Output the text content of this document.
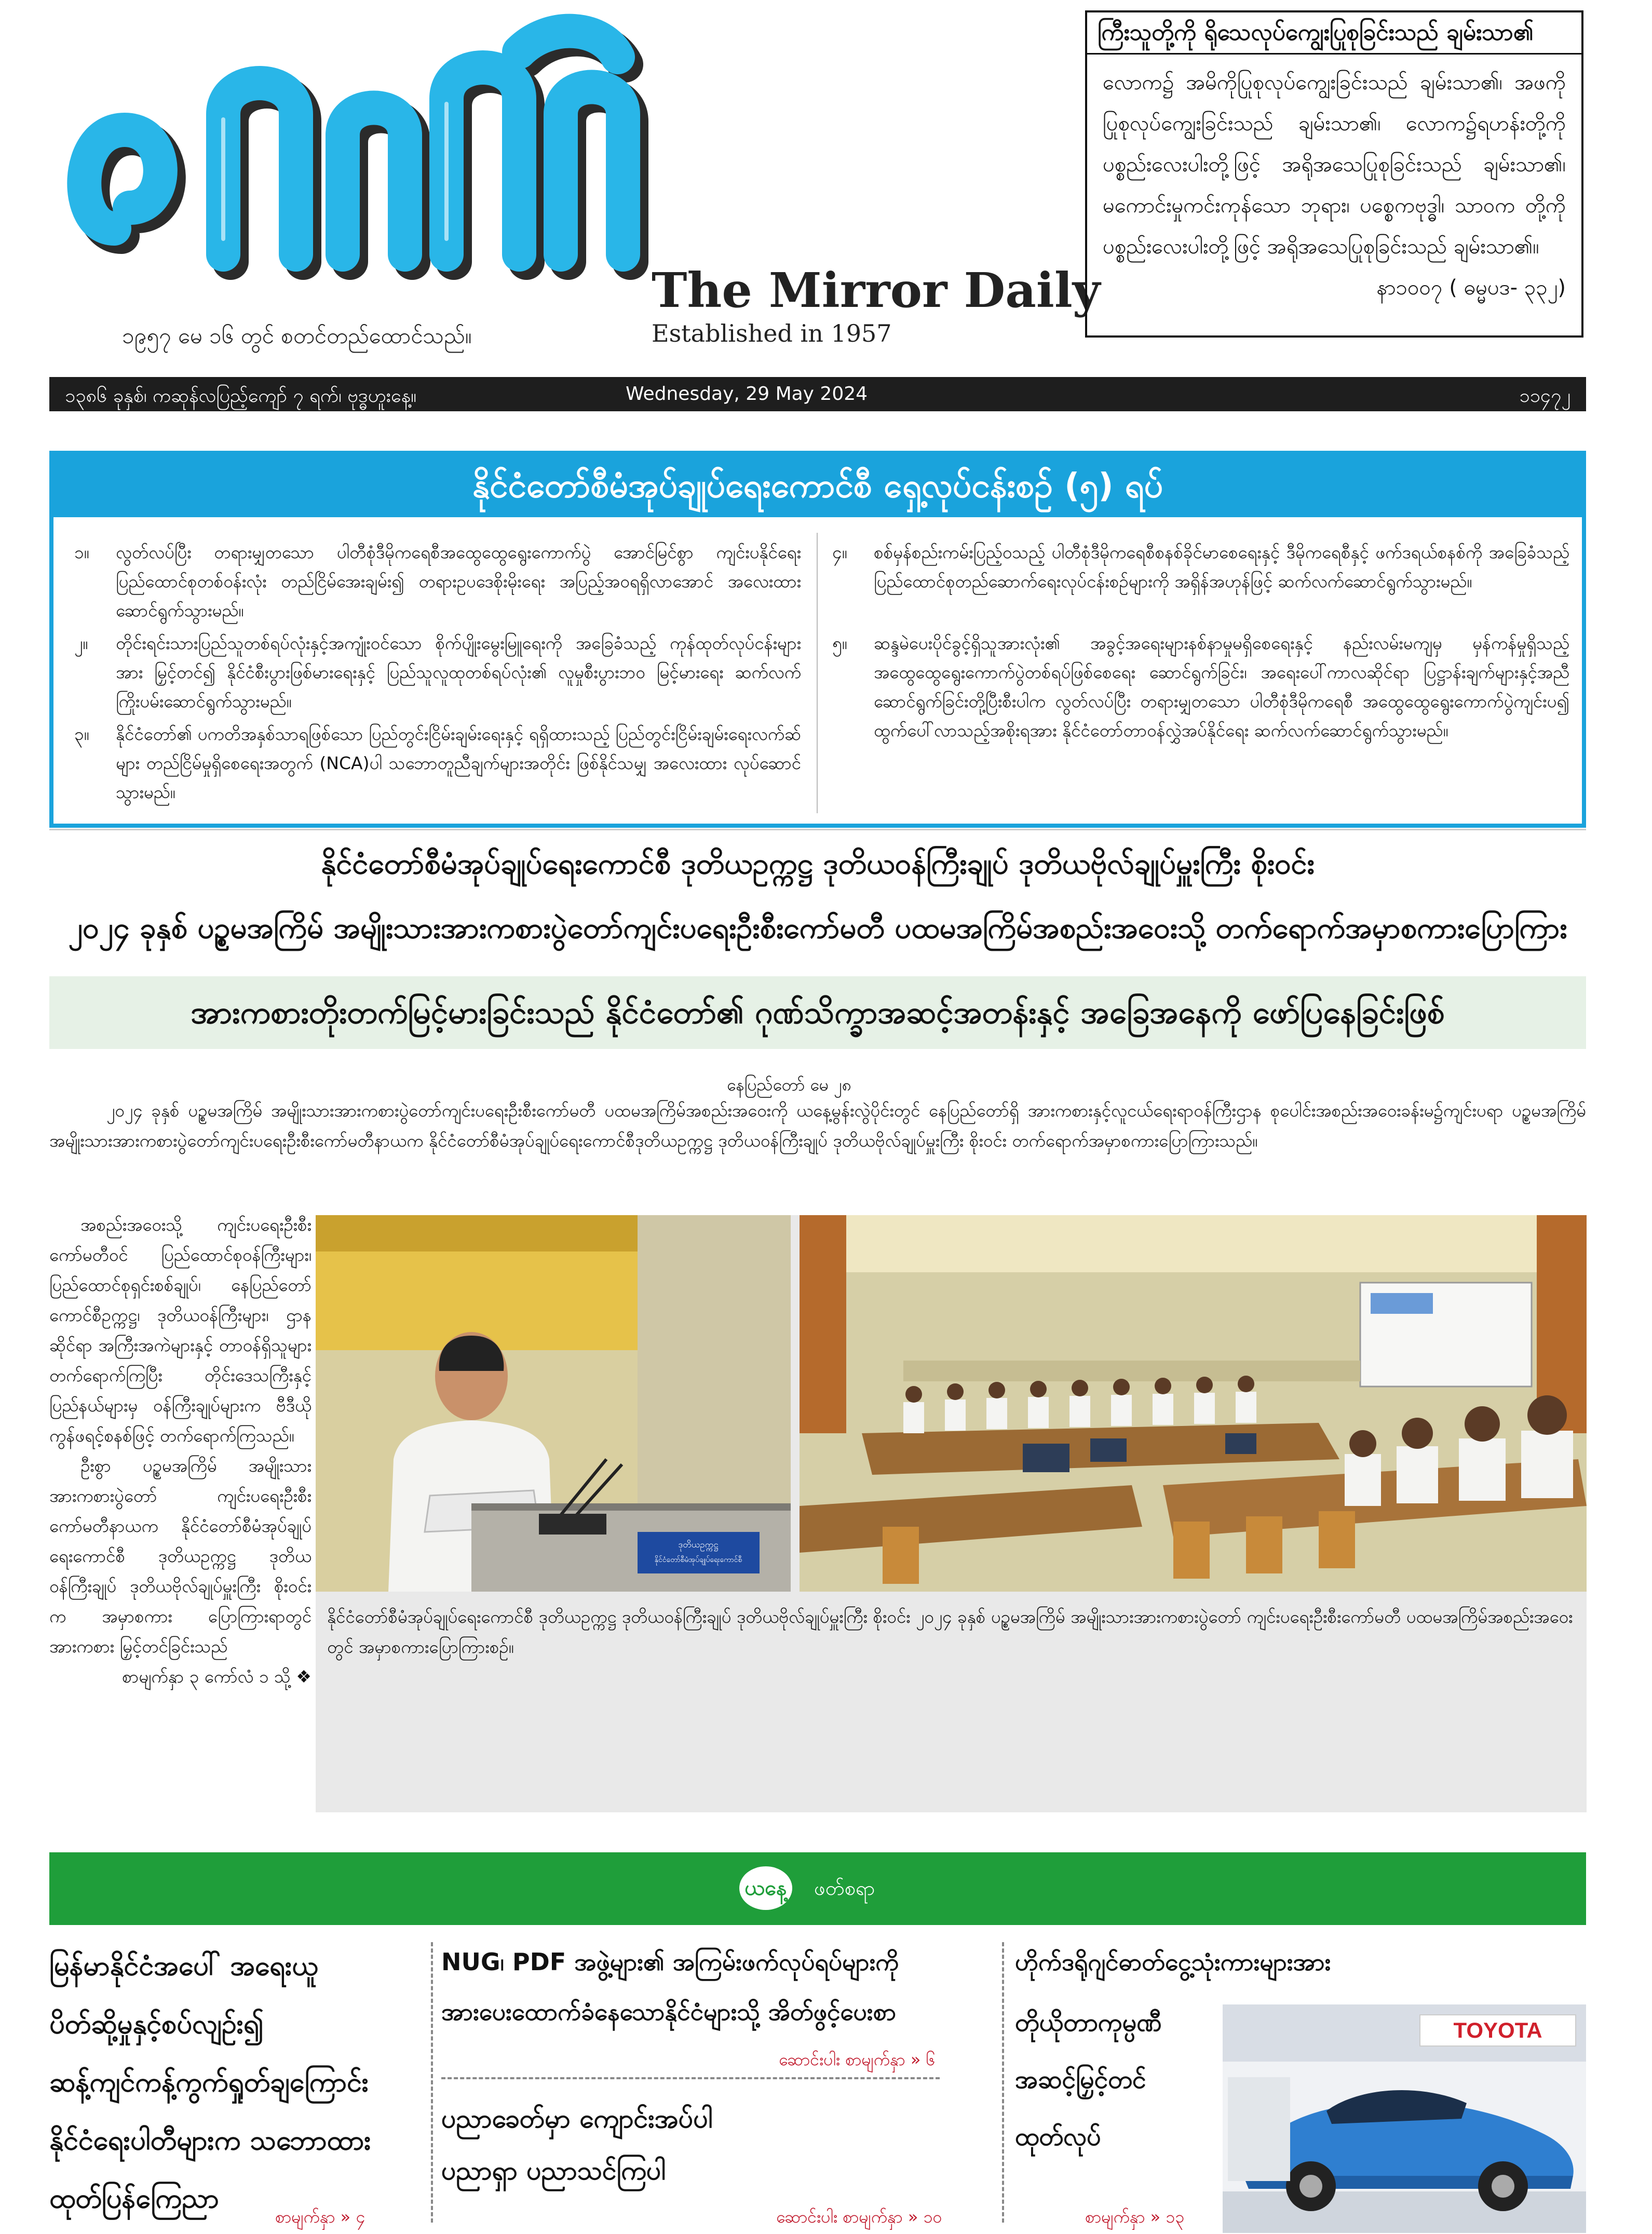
ကြေးမုံ	The Mirror Daily
Established in 1957
၁၉၅၇ မေ ၁၆ တွင် စတင်တည်ထောင်သည်။
ကြီးသူတို့ကို ရိုသေလုပ်ကျွေးပြုစုခြင်းသည် ချမ်းသာ၏
လောက၌ အမိကိုပြုစုလုပ်ကျွေးခြင်းသည် ချမ်းသာ၏၊ အဖကို ပြုစုလုပ်ကျွေးခြင်းသည် ချမ်းသာ၏၊ လောက၌ရဟန်းတို့ကို ပစ္စည်းလေးပါးတို့ဖြင့် အရိုအသေပြုစုခြင်းသည် ချမ်းသာ၏၊ မကောင်းမှုကင်းကုန်သော ဘုရား၊ ပစ္စေကဗုဒ္ဓါ၊ သာဝက တို့ကို ပစ္စည်းလေးပါးတို့ဖြင့် အရိုအသေပြုစုခြင်းသည် ချမ်းသာ၏။
နာ၁၀၀၇ ( ဓမ္မပဒ- ၃၃၂)
၁၃၈၆ ခုနှစ်၊ ကဆုန်လပြည့်ကျော် ၇ ရက်၊ ဗုဒ္ဓဟူးနေ့။	Wednesday, 29 May 2024	၁၁၄၇၂
နိုင်ငံတော်စီမံအုပ်ချုပ်ရေးကောင်စီ ရှေ့လုပ်ငန်းစဉ် (၅) ရပ်
၁။ လွတ်လပ်ပြီး တရားမျှတသော ပါတီစုံဒီမိုကရေစီအထွေထွေရွေးကောက်ပွဲ အောင်မြင်စွာ ကျင်းပနိုင်ရေး ပြည်ထောင်စုတစ်ဝန်းလုံး တည်ငြိမ်အေးချမ်း၍ တရားဥပဒေစိုးမိုးရေး အပြည့်အဝရရှိလာအောင် အလေးထားဆောင်ရွက်သွားမည်။
၂။ တိုင်းရင်းသားပြည်သူတစ်ရပ်လုံးနှင့်အကျုံးဝင်သော စိုက်ပျိုးမွေးမြူရေးကို အခြေခံသည့် ကုန်ထုတ်လုပ်ငန်းများအား မြှင့်တင်၍ နိုင်ငံစီးပွားဖြစ်မားရေးနှင့် ပြည်သူလူထုတစ်ရပ်လုံး၏ လူမှုစီးပွားဘဝ မြင့်မားရေး ဆက်လက်ကြိုးပမ်းဆောင်ရွက်သွားမည်။
၃။ နိုင်ငံတော်၏ ပကတိအနှစ်သာရဖြစ်သော ပြည်တွင်းငြိမ်းချမ်းရေးနှင့် ရရှိထားသည့် ပြည်တွင်းငြိမ်းချမ်းရေးလက်ဆ်များ တည်ငြိမ်မှုရှိစေရေးအတွက် (NCA)ပါ သဘောတူညီချက်များအတိုင်း ဖြစ်နိုင်သမျှ အလေးထား လုပ်ဆောင်သွားမည်။
၄။ စစ်မှန်စည်းကမ်းပြည့်ဝသည့် ပါတီစုံဒီမိုကရေစီစနစ်ခိုင်မာစေရေးနှင့် ဒီမိုကရေစီနှင့် ဖက်ဒရယ်စနစ်ကို အခြေခံသည့် ပြည်ထောင်စုတည်ဆောက်ရေးလုပ်ငန်းစဉ်များကို အရှိန်အဟုန်ဖြင့် ဆက်လက်ဆောင်ရွက်သွားမည်။
၅။ ဆန္ဒမဲပေးပိုင်ခွင့်ရှိသူအားလုံး၏ အခွင့်အရေးများနစ်နာမှုမရှိစေရေးနှင့် နည်းလမ်းမကျမှ မှန်ကန်မှုရှိသည့် အထွေထွေရွေးကောက်ပွဲတစ်ရပ်ဖြစ်စေရေး ဆောင်ရွက်ခြင်း၊ အရေးပေါ်ကာလဆိုင်ရာ ပြဋ္ဌာန်းချက်များနှင့်အညီ ဆောင်ရွက်ခြင်းတို့ပြီးစီးပါက လွတ်လပ်ပြီး တရားမျှတသော ပါတီစုံဒီမိုကရေစီ အထွေထွေရွေးကောက်ပွဲကျင်းပ၍ ထွက်ပေါ်လာသည့်အစိုးရအား နိုင်ငံတော်တာဝန်လွှဲအပ်နိုင်ရေး ဆက်လက်ဆောင်ရွက်သွားမည်။
နိုင်ငံတော်စီမံအုပ်ချုပ်ရေးကောင်စီ ဒုတိယဥက္ကဋ္ဌ ဒုတိယဝန်ကြီးချုပ် ဒုတိယဗိုလ်ချုပ်မှူးကြီး စိုးဝင်း
၂၀၂၄ ခုနှစ် ပဉ္စမအကြိမ် အမျိုးသားအားကစားပွဲတော်ကျင်းပရေးဦးစီးကော်မတီ ပထမအကြိမ်အစည်းအဝေးသို့ တက်ရောက်အမှာစကားပြောကြား
အားကစားတိုးတက်မြင့်မားခြင်းသည် နိုင်ငံတော်၏ ဂုဏ်သိက္ခာအဆင့်အတန်းနှင့် အခြေအနေကို ဖော်ပြနေခြင်းဖြစ်
နေပြည်တော် မေ ၂၈
၂၀၂၄ ခုနှစ် ပဉ္စမအကြိမ် အမျိုးသားအားကစားပွဲတော်ကျင်းပရေးဦးစီးကော်မတီ ပထမအကြိမ်အစည်းအဝေးကို ယနေ့မွန်းလွဲပိုင်းတွင် နေပြည်တော်ရှိ အားကစားနှင့်လူငယ်ရေးရာဝန်ကြီးဌာန စုပေါင်းအစည်းအဝေးခန်းမ၌ကျင်းပရာ ပဉ္စမအကြိမ် အမျိုးသားအားကစားပွဲတော်ကျင်းပရေးဦးစီးကော်မတီနာယက နိုင်ငံတော်စီမံအုပ်ချုပ်ရေးကောင်စီဒုတိယဥက္ကဋ္ဌ ဒုတိယဝန်ကြီးချုပ် ဒုတိယဗိုလ်ချုပ်မှူးကြီး စိုးဝင်း တက်ရောက်အမှာစကားပြောကြားသည်။

အစည်းအဝေးသို့ ကျင်းပရေးဦးစီးကော်မတီဝင် ပြည်ထောင်စုဝန်ကြီးများ၊ ပြည်ထောင်စုရှင်းစစ်ချုပ်၊ နေပြည်တော်ကောင်စီဥက္ကဋ္ဌ၊ ဒုတိယဝန်ကြီးများ၊ ဌာနဆိုင်ရာ အကြီးအကဲများနှင့် တာဝန်ရှိသူများ တက်ရောက်ကြပြီး တိုင်းဒေသကြီးနှင့် ပြည်နယ်များမှ ဝန်ကြီးချုပ်များက ဗီဒီယိုကွန်ဖရင့်စနစ်ဖြင့် တက်ရောက်ကြသည်။

ဦးစွာ ပဉ္စမအကြိမ် အမျိုးသားအားကစားပွဲတော် ကျင်းပရေးဦးစီးကော်မတီနာယက နိုင်ငံတော်စီမံအုပ်ချုပ်ရေးကောင်စီ ဒုတိယဥက္ကဋ္ဌ ဒုတိယဝန်ကြီးချုပ် ဒုတိယဗိုလ်ချုပ်မှူးကြီး စိုးဝင်းက အမှာစကား ပြောကြားရာတွင် အားကစား မြှင့်တင်ခြင်းသည်

စာမျက်နှာ ၃ ကော်လံ ၁ သို့ ❖
ဒုတိယဥက္ကဋ္ဌ
နိုင်ငံတော်စီမံအုပ်ချုပ်ရေးကောင်စီ
နိုင်ငံတော်စီမံအုပ်ချုပ်ရေးကောင်စီ ဒုတိယဥက္ကဋ္ဌ ဒုတိယဝန်ကြီးချုပ် ဒုတိယဗိုလ်ချုပ်မှူးကြီး စိုးဝင်း ၂၀၂၄ ခုနှစ် ပဉ္စမအကြိမ် အမျိုးသားအားကစားပွဲတော် ကျင်းပရေးဦးစီးကော်မတီ ပထမအကြိမ်အစည်းအဝေးတွင် အမှာစကားပြောကြားစဉ်။
ယနေ့	ဖတ်စရာ
မြန်မာနိုင်ငံအပေါ် အရေးယူ
ပိတ်ဆို့မှုနှင့်စပ်လျဉ်း၍
ဆန့်ကျင်ကန့်ကွက်ရှုတ်ချကြောင်း
နိုင်ငံရေးပါတီများက သဘောထား
ထုတ်ပြန်ကြေညာ
စာမျက်နှာ » ၄
NUG၊ PDF အဖွဲ့များ၏ အကြမ်းဖက်လုပ်ရပ်များကို
အားပေးထောက်ခံနေသောနိုင်ငံများသို့ အိတ်ဖွင့်ပေးစာ
ဆောင်းပါး စာမျက်နှာ » ၆
ပညာခေတ်မှာ ကျောင်းအပ်ပါ
ပညာရှာ ပညာသင်ကြပါ
ဆောင်းပါး စာမျက်နှာ » ၁၀
ဟိုက်ဒရိုဂျင်ဓာတ်ငွေ့သုံးကားများအား
တိုယိုတာကုမ္ပဏီ
အဆင့်မြှင့်တင်
ထုတ်လုပ်
စာမျက်နှာ » ၁၃
TOYOTA
